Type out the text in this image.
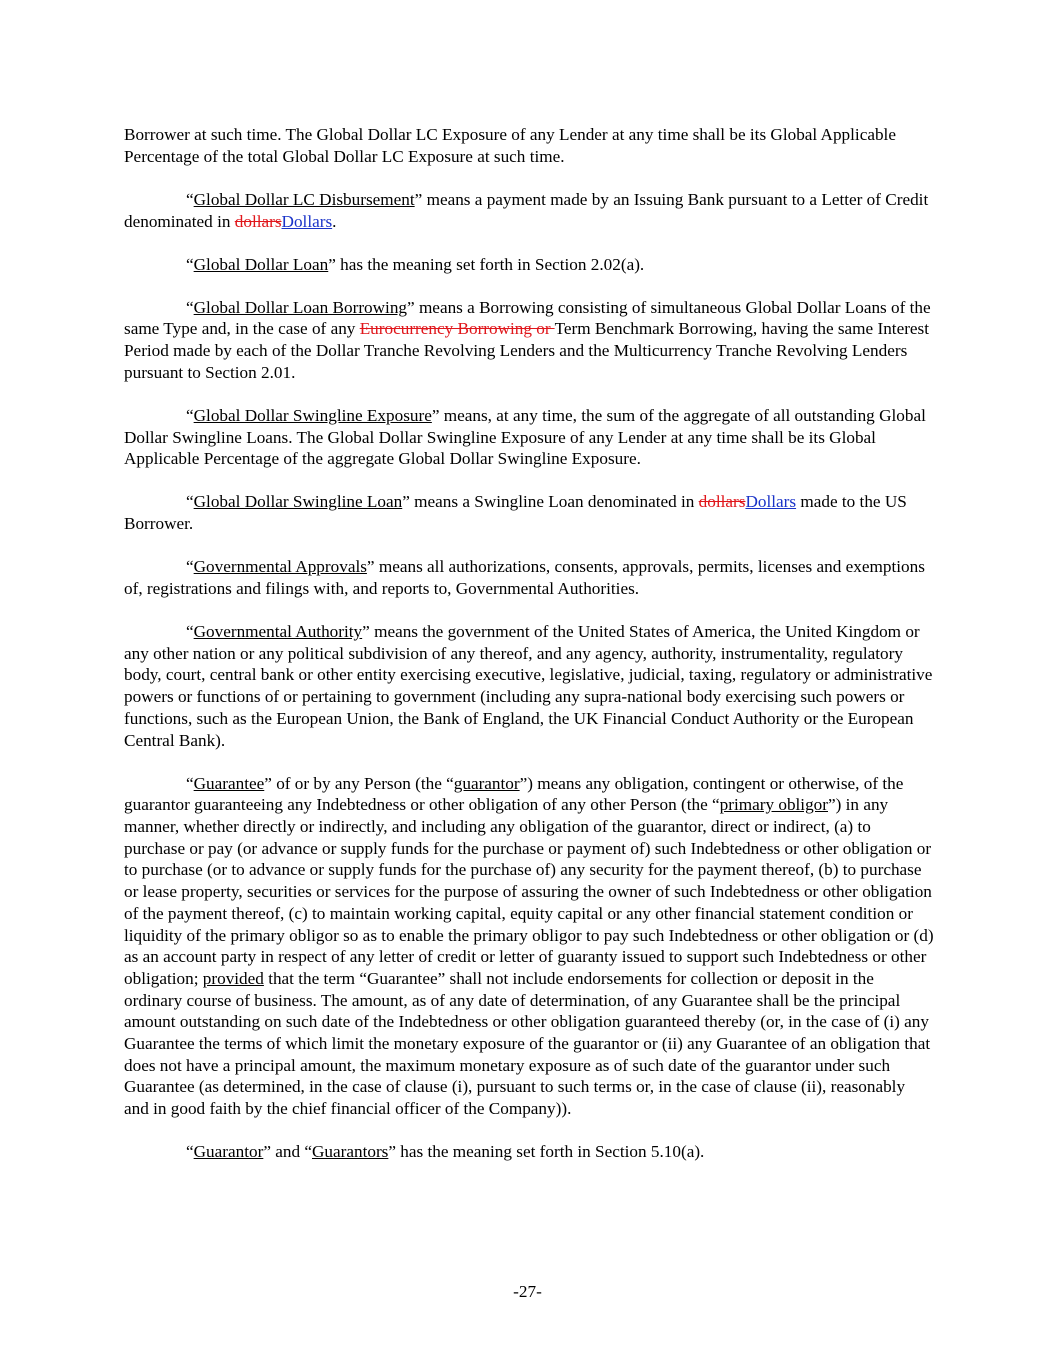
Borrower at such time. The Global Dollar LC Exposure of any Lender at any time shall be its Global Applicable Percentage of the total Global Dollar LC Exposure at such time.

“Global Dollar LC Disbursement” means a payment made by an Issuing Bank pursuant to a Letter of Credit denominated in dollarsDollars.

“Global Dollar Loan” has the meaning set forth in Section 2.02(a).

“Global Dollar Loan Borrowing” means a Borrowing consisting of simultaneous Global Dollar Loans of the same Type and, in the case of any Eurocurrency Borrowing or Term Benchmark Borrowing, having the same Interest Period made by each of the Dollar Tranche Revolving Lenders and the Multicurrency Tranche Revolving Lenders pursuant to Section 2.01.

“Global Dollar Swingline Exposure” means, at any time, the sum of the aggregate of all outstanding Global Dollar Swingline Loans. The Global Dollar Swingline Exposure of any Lender at any time shall be its Global Applicable Percentage of the aggregate Global Dollar Swingline Exposure.

“Global Dollar Swingline Loan” means a Swingline Loan denominated in dollarsDollars made to the US Borrower.

“Governmental Approvals” means all authorizations, consents, approvals, permits, licenses and exemptions of, registrations and filings with, and reports to, Governmental Authorities.

“Governmental Authority” means the government of the United States of America, the United Kingdom or any other nation or any political subdivision of any thereof, and any agency, authority, instrumentality, regulatory body, court, central bank or other entity exercising executive, legislative, judicial, taxing, regulatory or administrative powers or functions of or pertaining to government (including any supra-national body exercising such powers or functions, such as the European Union, the Bank of England, the UK Financial Conduct Authority or the European Central Bank).

“Guarantee” of or by any Person (the “guarantor”) means any obligation, contingent or otherwise, of the guarantor guaranteeing any Indebtedness or other obligation of any other Person (the “primary obligor”) in any manner, whether directly or indirectly, and including any obligation of the guarantor, direct or indirect, (a) to purchase or pay (or advance or supply funds for the purchase or payment of) such Indebtedness or other obligation or to purchase (or to advance or supply funds for the purchase of) any security for the payment thereof, (b) to purchase or lease property, securities or services for the purpose of assuring the owner of such Indebtedness or other obligation of the payment thereof, (c) to maintain working capital, equity capital or any other financial statement condition or liquidity of the primary obligor so as to enable the primary obligor to pay such Indebtedness or other obligation or (d) as an account party in respect of any letter of credit or letter of guaranty issued to support such Indebtedness or other obligation; provided that the term “Guarantee” shall not include endorsements for collection or deposit in the ordinary course of business. The amount, as of any date of determination, of any Guarantee shall be the principal amount outstanding on such date of the Indebtedness or other obligation guaranteed thereby (or, in the case of (i) any Guarantee the terms of which limit the monetary exposure of the guarantor or (ii) any Guarantee of an obligation that does not have a principal amount, the maximum monetary exposure as of such date of the guarantor under such Guarantee (as determined, in the case of clause (i), pursuant to such terms or, in the case of clause (ii), reasonably and in good faith by the chief financial officer of the Company)).

“Guarantor” and “Guarantors” has the meaning set forth in Section 5.10(a).

-27-
